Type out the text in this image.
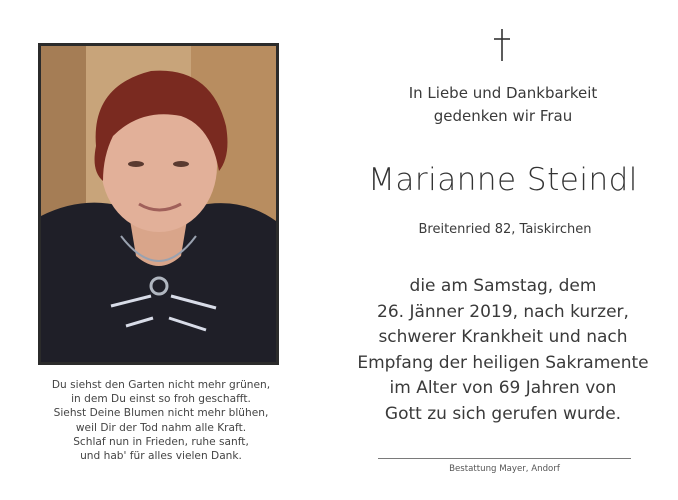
Du siehst den Garten nicht mehr grünen,
in dem Du einst so froh geschafft.
Siehst Deine Blumen nicht mehr blühen,
weil Dir der Tod nahm alle Kraft.
Schlaf nun in Frieden, ruhe sanft,
und hab' für alles vielen Dank.
In Liebe und Dankbarkeit
gedenken wir Frau
Marianne Steindl
Breitenried 82, Taiskirchen
die am Samstag, dem
26. Jänner 2019, nach kurzer,
schwerer Krankheit und nach
Empfang der heiligen Sakramente
im Alter von 69 Jahren von
Gott zu sich gerufen wurde.
Bestattung Mayer, Andorf
